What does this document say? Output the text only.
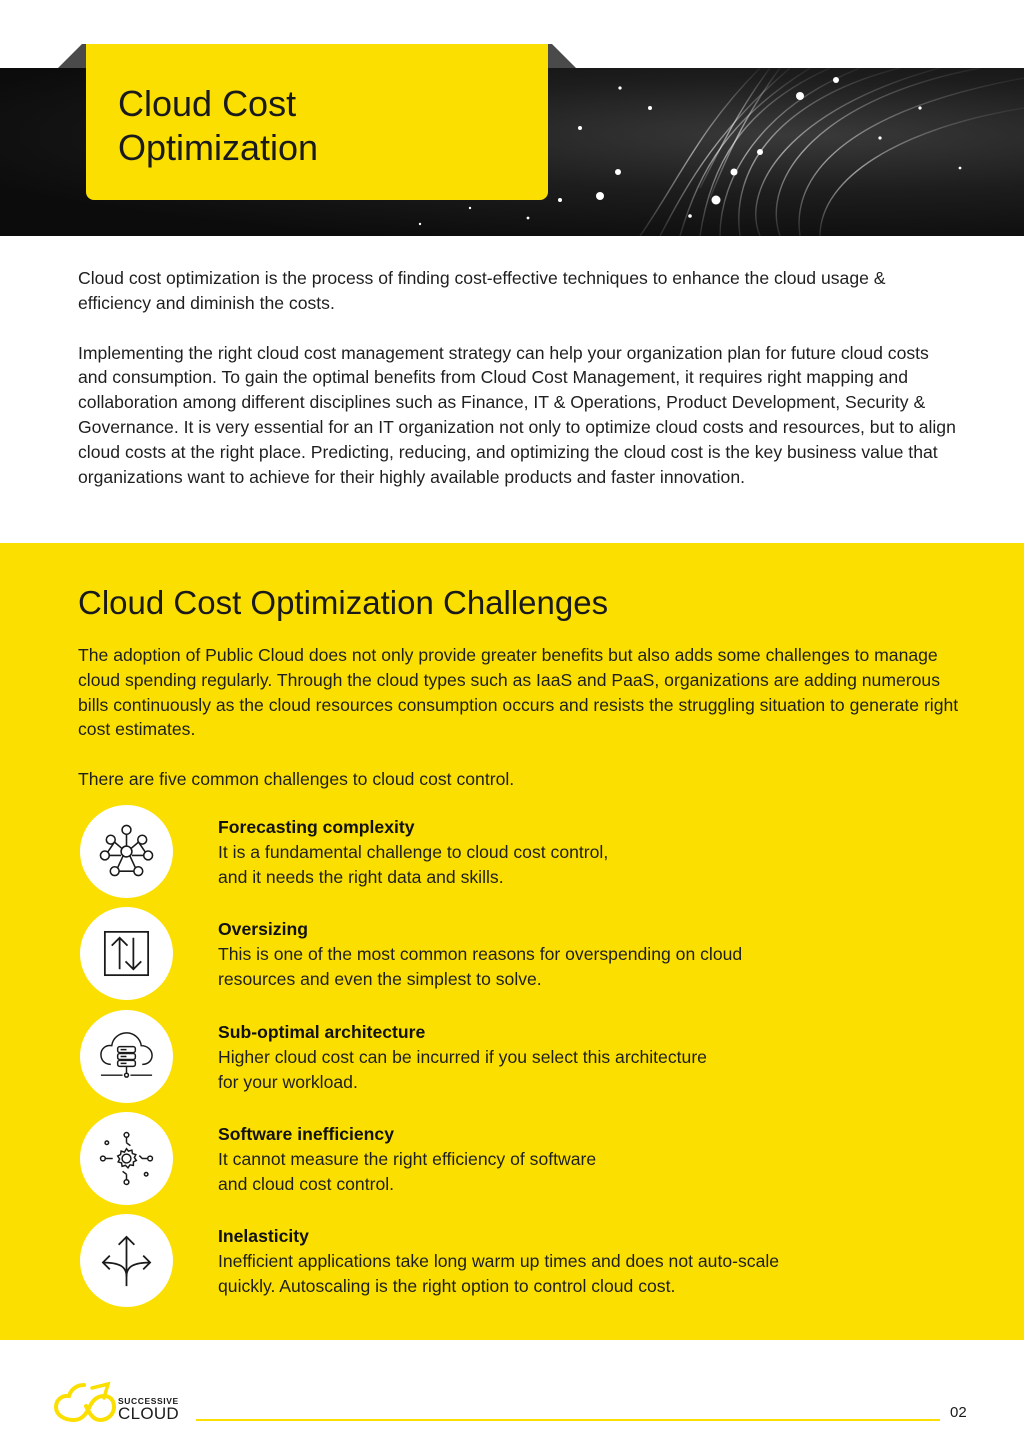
Cloud Cost Optimization

Cloud cost optimization is the process of finding cost-effective techniques to enhance the cloud usage & efficiency and diminish the costs.

Implementing the right cloud cost management strategy can help your organization plan for future cloud costs and consumption. To gain the optimal benefits from Cloud Cost Management, it requires right mapping and collaboration among different disciplines such as Finance, IT & Operations, Product Development, Security & Governance. It is very essential for an IT organization not only to optimize cloud costs and resources, but to align cloud costs at the right place. Predicting, reducing, and optimizing the cloud cost is the key business value that organizations want to achieve for their highly available products and faster innovation.

Cloud Cost Optimization Challenges

The adoption of Public Cloud does not only provide greater benefits but also adds some challenges to manage cloud spending regularly. Through the cloud types such as IaaS and PaaS, organizations are adding numerous bills continuously as the cloud resources consumption occurs and resists the struggling situation to generate right cost estimates.

There are five common challenges to cloud cost control.

Forecasting complexity
It is a fundamental challenge to cloud cost control,
and it needs the right data and skills.
Oversizing
This is one of the most common reasons for overspending on cloud
resources and even the simplest to solve.
Sub-optimal architecture
Higher cloud cost can be incurred if you select this architecture
for your workload.
Software inefficiency
It cannot measure the right efficiency of software
and cloud cost control.
Inelasticity
Inefficient applications take long warm up times and does not auto-scale
quickly. Autoscaling is the right option to control cloud cost.
SUCCESSIVE
CLOUD	02
